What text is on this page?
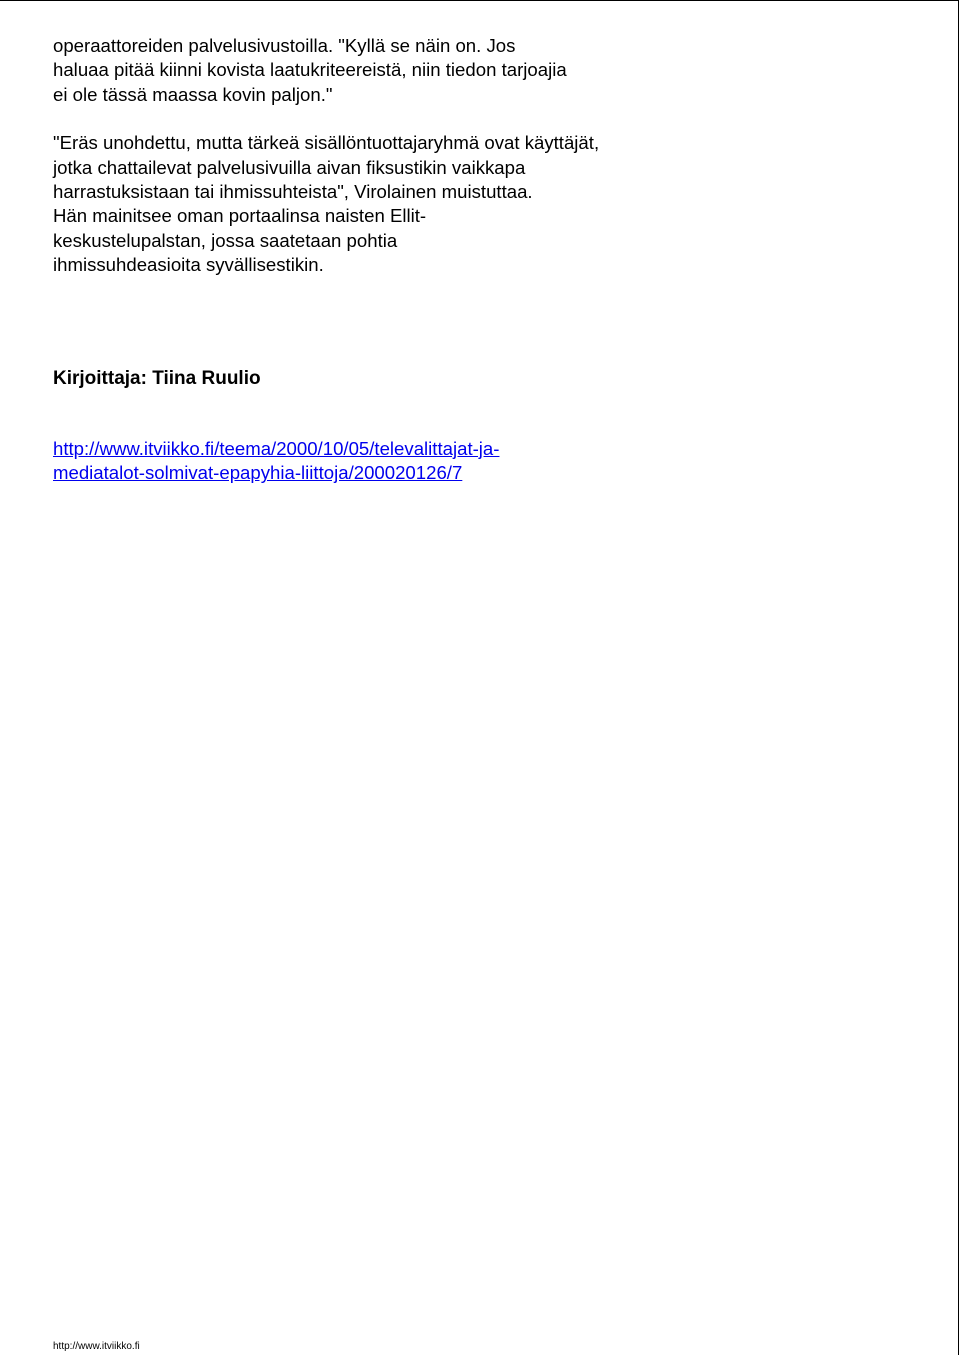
operaattoreiden palvelusivustoilla. "Kyllä se näin on. Jos
haluaa pitää kiinni kovista laatukriteereistä, niin tiedon tarjoajia
ei ole tässä maassa kovin paljon."

"Eräs unohdettu, mutta tärkeä sisällöntuottajaryhmä ovat käyttäjät,
jotka chattailevat palvelusivuilla aivan fiksustikin vaikkapa
harrastuksistaan tai ihmissuhteista", Virolainen muistuttaa.
Hän mainitsee oman portaalinsa naisten Ellit-
keskustelupalstan, jossa saatetaan pohtia
ihmissuhdeasioita syvällisestikin.

Kirjoittaja: Tiina Ruulio
http://www.itviikko.fi/teema/2000/10/05/televalittajat-ja-
mediatalot-solmivat-epapyhia-liittoja/200020126/7
http://www.itviikko.fi
